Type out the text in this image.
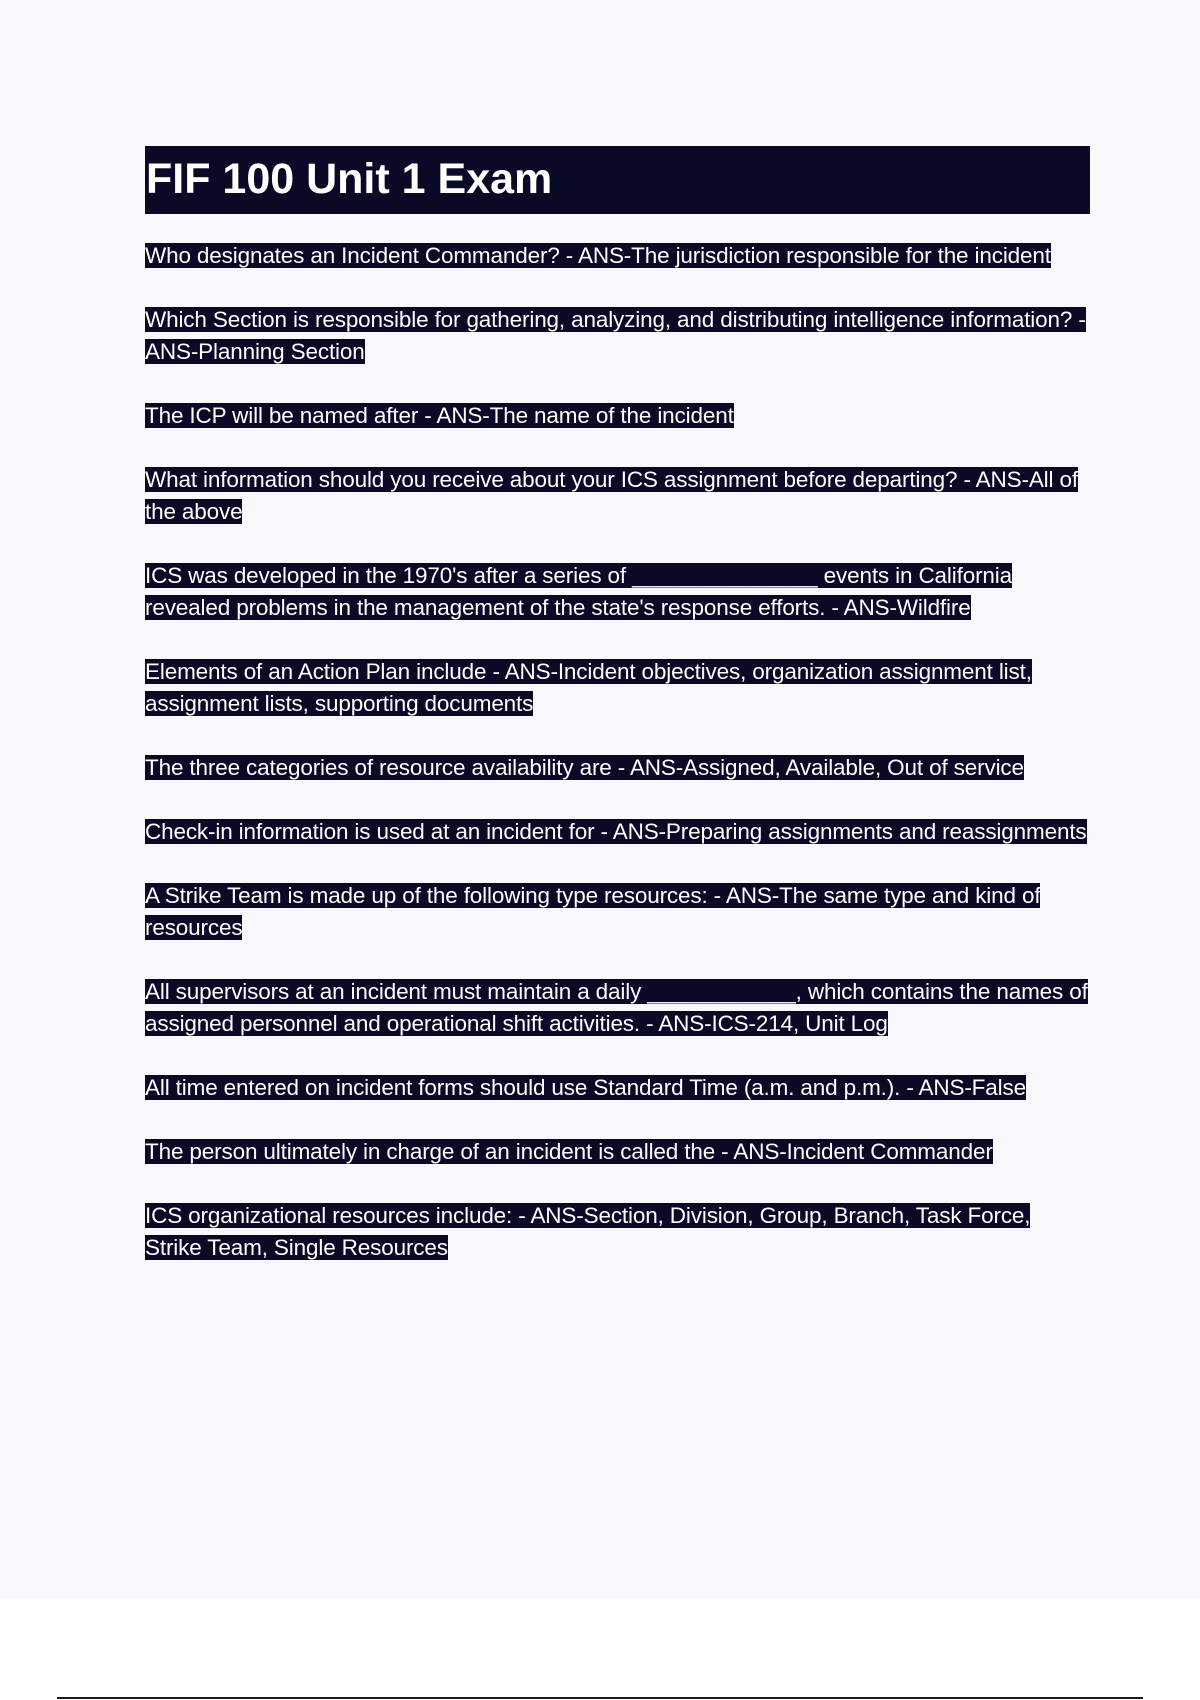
FIF 100 Unit 1 Exam
Who designates an Incident Commander? - ANS-The jurisdiction responsible for the incident
Which Section is responsible for gathering, analyzing, and distributing intelligence information? - ANS-Planning Section
The ICP will be named after - ANS-The name of the incident
What information should you receive about your ICS assignment before departing? - ANS-All of the above
ICS was developed in the 1970's after a series of _______________ events in California revealed problems in the management of the state's response efforts. - ANS-Wildfire
Elements of an Action Plan include - ANS-Incident objectives, organization assignment list, assignment lists, supporting documents
The three categories of resource availability are - ANS-Assigned, Available, Out of service
Check-in information is used at an incident for - ANS-Preparing assignments and reassignments
A Strike Team is made up of the following type resources: - ANS-The same type and kind of resources
All supervisors at an incident must maintain a daily ____________, which contains the names of assigned personnel and operational shift activities. - ANS-ICS-214, Unit Log
All time entered on incident forms should use Standard Time (a.m. and p.m.). - ANS-False
The person ultimately in charge of an incident is called the - ANS-Incident Commander
ICS organizational resources include: - ANS-Section, Division, Group, Branch, Task Force, Strike Team, Single Resources
